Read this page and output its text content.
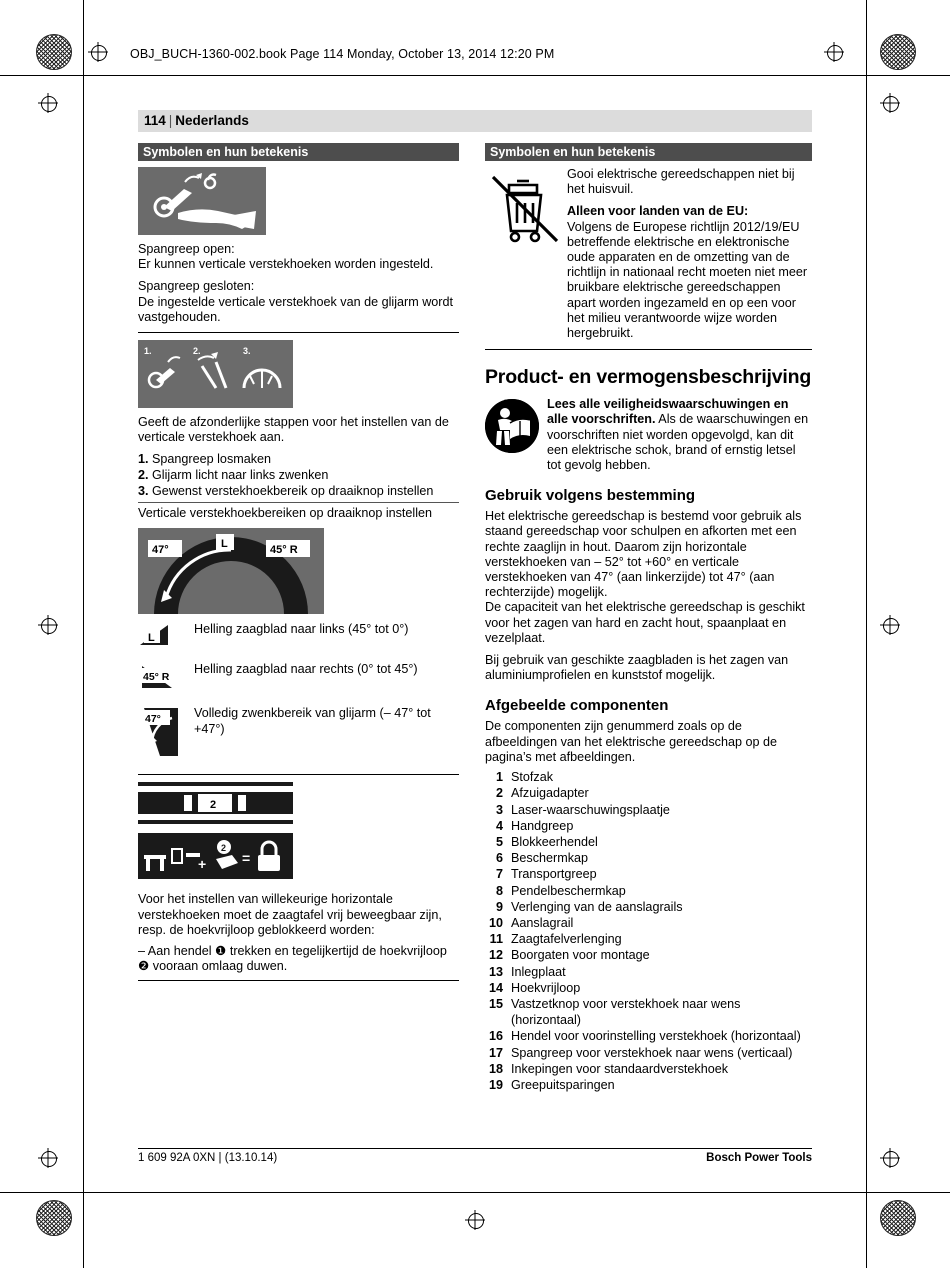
OBJ_BUCH-1360-002.book Page 114 Monday, October 13, 2014 12:20 PM
114 | Nederlands
Symbolen en hun betekenis

Spangreep open:

Er kunnen verticale verstekhoeken worden ingesteld.

Spangreep gesloten:

De ingestelde verticale verstekhoek van de glijarm wordt vastgehouden.

1.	2.	3.

Geeft de afzonderlijke stappen voor het instellen van de verticale verstekhoek aan.

1. Spangreep losmaken
2. Glijarm licht naar links zwenken
3. Gewenst verstekhoekbereik op draaiknop instellen

Verticale verstekhoekbereiken op draaiknop instellen

47°	L	45° R
L
Helling zaagblad naar links (45° tot 0°)
45° R
Helling zaagblad naar rechts (0° tot 45°)
47°	Volledig zwenkbereik van glijarm (– 47° tot +47°)
2
+
2
=

Voor het instellen van willekeurige horizontale verstekhoeken moet de zaagtafel vrij beweegbaar zijn, resp. de hoekvrijloop geblokkeerd worden:

– Aan hendel ❶ trekken en tegelijkertijd de hoekvrijloop ❷ vooraan omlaag duwen.

Symbolen en hun betekenis

Gooi elektrische gereedschappen niet bij het huisvuil.

Alleen voor landen van de EU:

Volgens de Europese richtlijn 2012/19/EU betreffende elektrische en elektronische oude apparaten en de omzetting van de richtlijn in nationaal recht moeten niet meer bruikbare elektrische gereedschappen apart worden ingezameld en op een voor het milieu verantwoorde wijze worden hergebruikt.

Product- en vermogensbeschrijving
Lees alle veiligheidswaarschuwingen en alle voorschriften. Als de waarschuwingen en voorschriften niet worden opgevolgd, kan dit een elektrische schok, brand of ernstig letsel tot gevolg hebben.
Gebruik volgens bestemming

Het elektrische gereedschap is bestemd voor gebruik als staand gereedschap voor schulpen en afkorten met een rechte zaaglijn in hout. Daarom zijn horizontale verstekhoeken van – 52° tot +60° en verticale verstekhoeken van 47° (aan linkerzijde) tot 47° (aan rechterzijde) mogelijk.

De capaciteit van het elektrische gereedschap is geschikt voor het zagen van hard en zacht hout, spaanplaat en vezelplaat.

Bij gebruik van geschikte zaagbladen is het zagen van aluminiumprofielen en kunststof mogelijk.

Afgebeelde componenten

De componenten zijn genummerd zoals op de afbeeldingen van het elektrische gereedschap op de pagina’s met afbeeldingen.

1 Stofzak
2 Afzuigadapter
3 Laser-waarschuwingsplaatje
4 Handgreep
5 Blokkeerhendel
6 Beschermkap
7 Transportgreep
8 Pendelbeschermkap
9 Verlenging van de aanslagrails
10 Aanslagrail
11 Zaagtafelverlenging
12 Boorgaten voor montage
13 Inlegplaat
14 Hoekvrijloop
15 Vastzetknop voor verstekhoek naar wens (horizontaal)
16 Hendel voor voorinstelling verstekhoek (horizontaal)
17 Spangreep voor verstekhoek naar wens (verticaal)
18 Inkepingen voor standaardverstekhoek
19 Greepuitsparingen
1 609 92A 0XN | (13.10.14)	Bosch Power Tools
